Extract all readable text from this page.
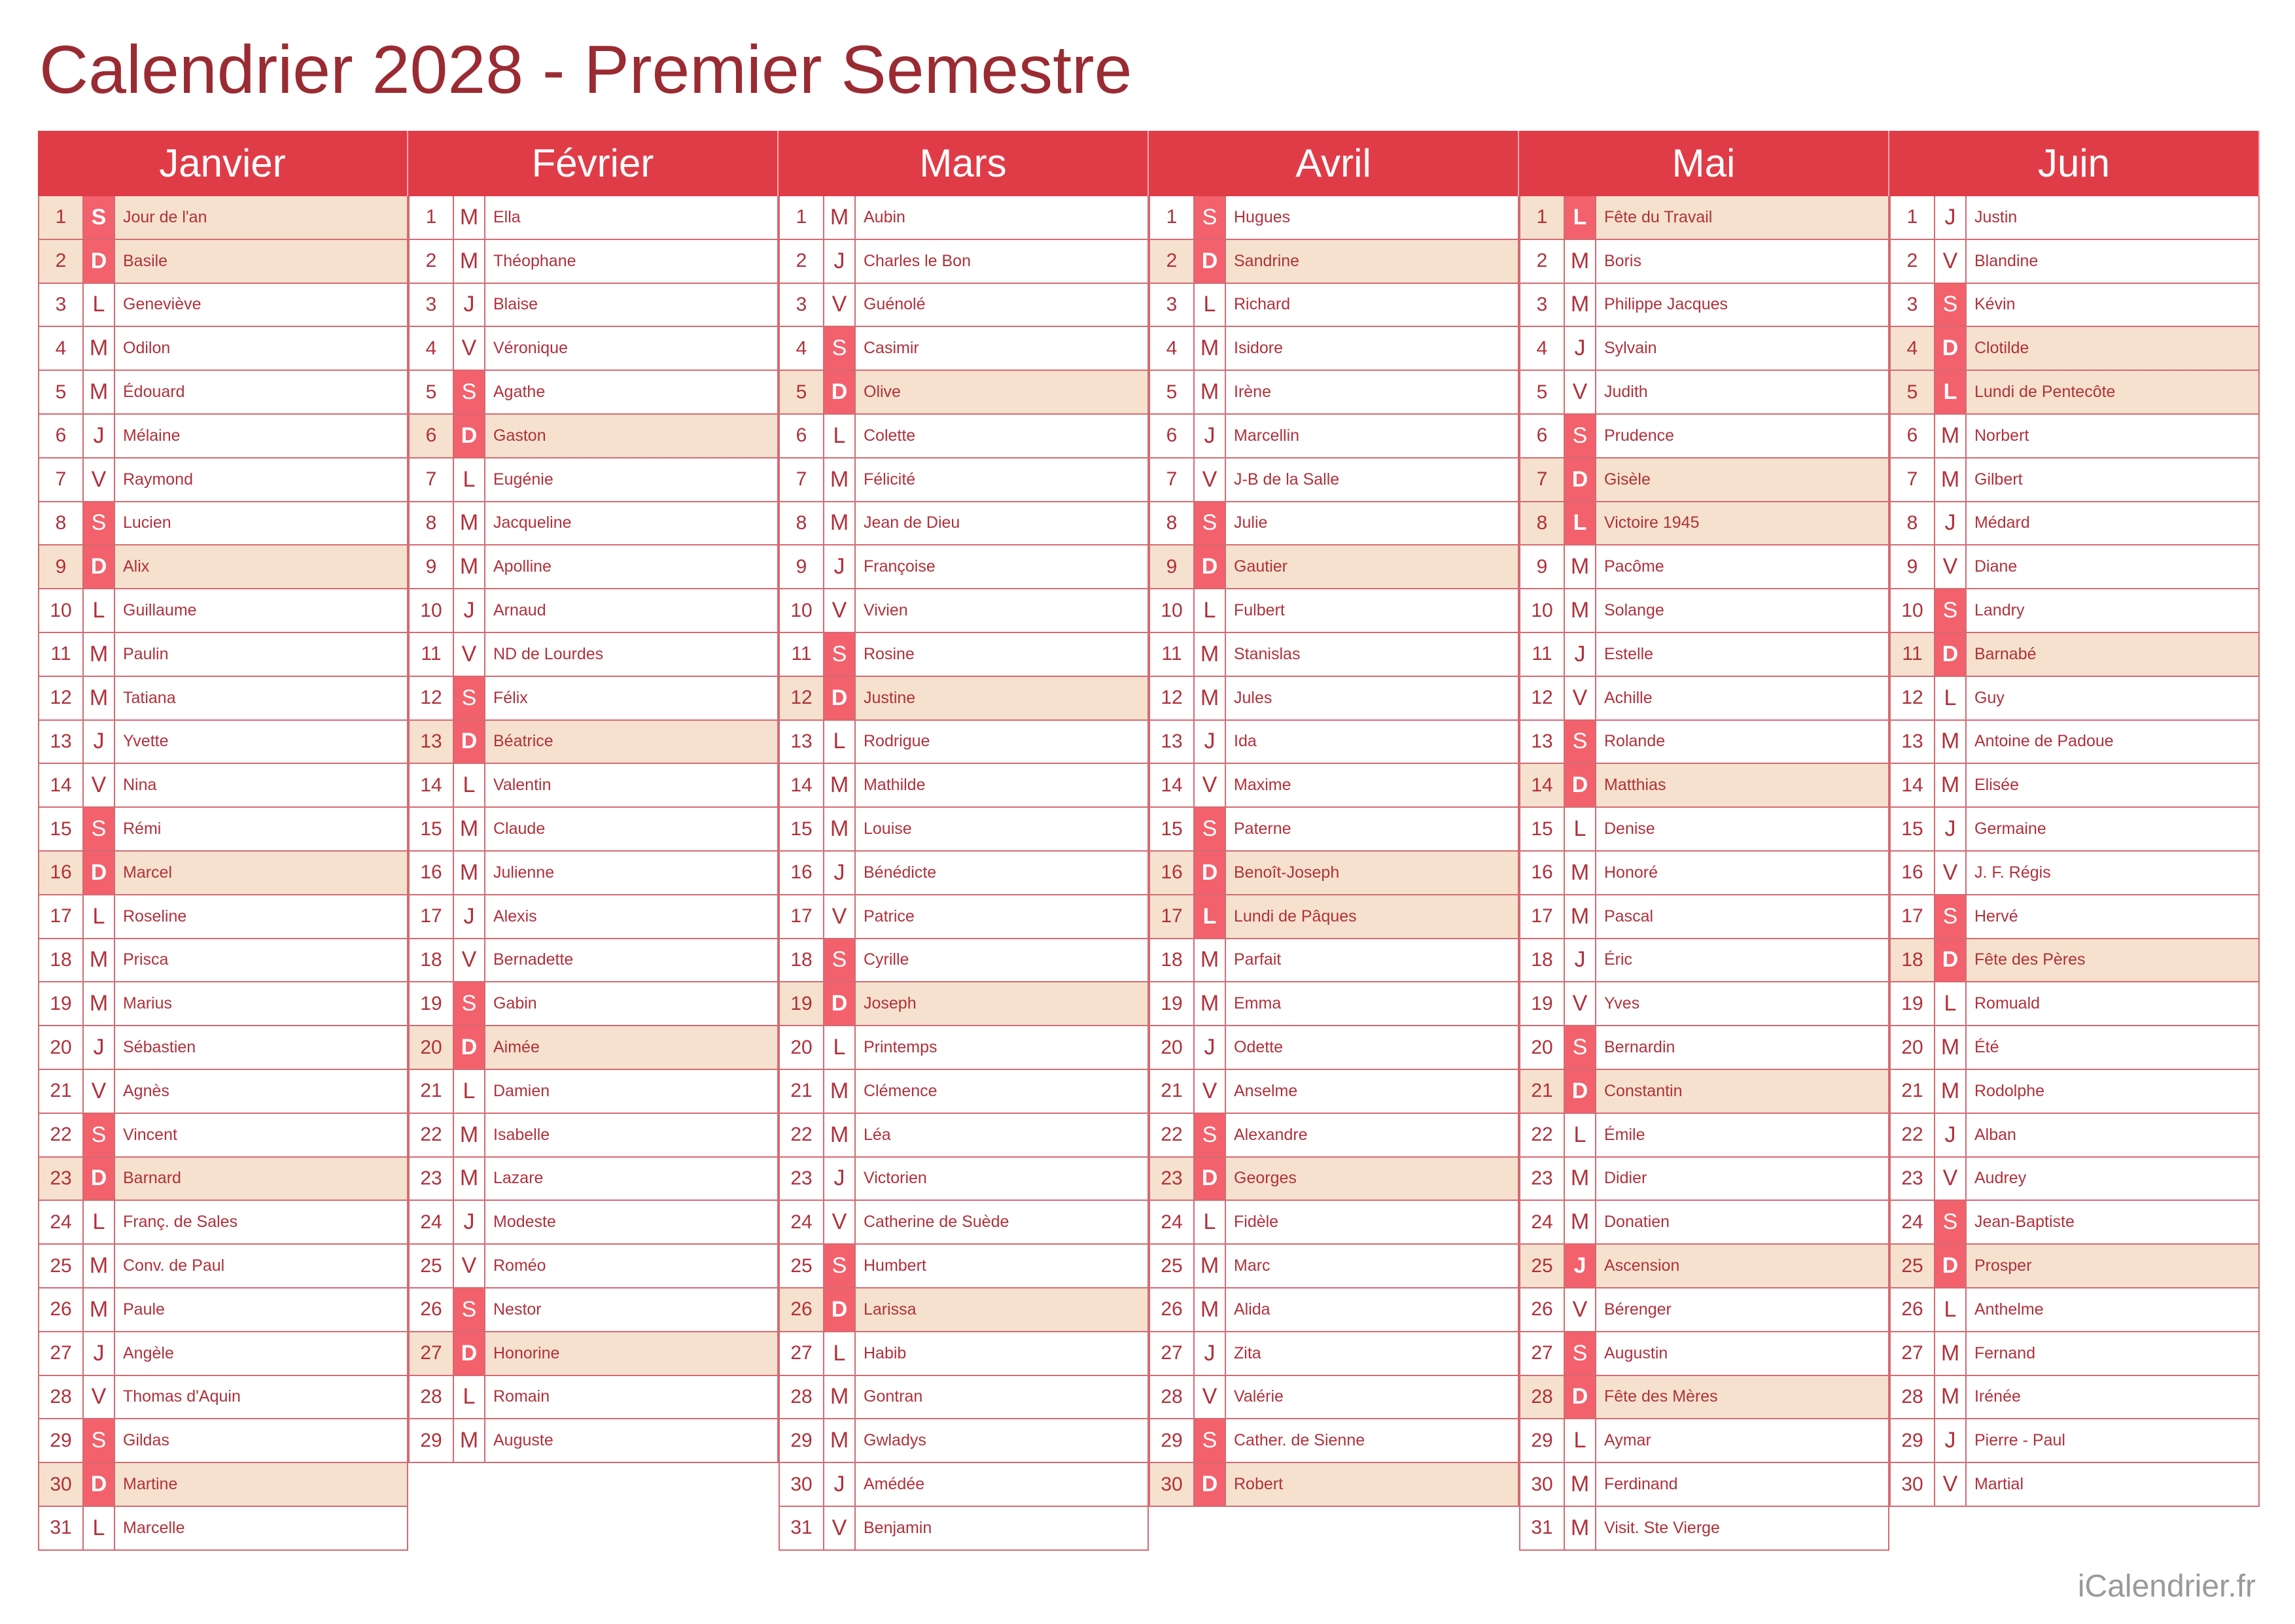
Calendrier 2028 - Premier Semestre
Janvier
1	S	Jour de l'an
2	D Basile
3	L	Geneviève
4	M Odilon
5	M Édouard
6	J	Mélaine
7	V	Raymond
8	S	Lucien
9	D Alix
10 L	Guillaume
11 M Paulin
12 M Tatiana
13 J	Yvette
14 V	Nina
15 S	Rémi
16 D Marcel
17 L	Roseline
18 M Prisca
19 M Marius
20 J	Sébastien
21 V	Agnès
22 S	Vincent
23 D Barnard
24 L	Franç. de Sales
25 M Conv. de Paul
26 M Paule
27 J	Angèle
28 V	Thomas d'Aquin
29 S	Gildas
30 D Martine
31 L	Marcelle
Février
1	M Ella
2	M Théophane
3	J	Blaise
4	V	Véronique
5	S	Agathe
6	D Gaston
7	L	Eugénie
8	M Jacqueline
9	M Apolline
10 J	Arnaud
11 V	ND de Lourdes
12 S	Félix
13 D Béatrice
14 L	Valentin
15 M Claude
16 M Julienne
17 J	Alexis
18 V	Bernadette
19 S	Gabin
20 D Aimée
21 L	Damien
22 M Isabelle
23 M Lazare
24 J	Modeste
25 V	Roméo
26 S	Nestor
27 D Honorine
28 L	Romain
29 M Auguste
Mars
1	M Aubin
2	J	Charles le Bon
3	V	Guénolé
4	S	Casimir
5	D Olive
6	L	Colette
7	M Félicité
8	M Jean de Dieu
9	J	Françoise
10 V	Vivien
11 S	Rosine
12 D Justine
13 L	Rodrigue
14 M Mathilde
15 M Louise
16 J	Bénédicte
17 V	Patrice
18 S	Cyrille
19 D Joseph
20 L	Printemps
21 M Clémence
22 M Léa
23 J	Victorien
24 V	Catherine de Suède
25 S	Humbert
26 D Larissa
27 L	Habib
28 M Gontran
29 M Gwladys
30 J	Amédée
31 V	Benjamin
Avril
1	S	Hugues
2	D Sandrine
3	L	Richard
4	M Isidore
5	M Irène
6	J	Marcellin
7	V	J-B de la Salle
8	S	Julie
9	D Gautier
10 L	Fulbert
11 M Stanislas
12 M Jules
13 J	Ida
14 V	Maxime
15 S	Paterne
16 D Benoît-Joseph
17 L	Lundi de Pâques
18 M Parfait
19 M Emma
20 J	Odette
21 V	Anselme
22 S	Alexandre
23 D Georges
24 L	Fidèle
25 M Marc
26 M Alida
27 J	Zita
28 V	Valérie
29 S	Cather. de Sienne
30 D Robert
Mai
1	L	Fête du Travail
2	M Boris
3	M Philippe Jacques
4	J	Sylvain
5	V	Judith
6	S	Prudence
7	D Gisèle
8	L	Victoire 1945
9	M Pacôme
10 M Solange
11 J	Estelle
12 V	Achille
13 S	Rolande
14 D Matthias
15 L	Denise
16 M Honoré
17 M Pascal
18 J	Éric
19 V	Yves
20 S	Bernardin
21 D Constantin
22 L	Émile
23 M Didier
24 M Donatien
25 J	Ascension
26 V	Bérenger
27 S	Augustin
28 D Fête des Mères
29 L	Aymar
30 M Ferdinand
31 M Visit. Ste Vierge
Juin
1	J	Justin
2	V	Blandine
3	S	Kévin
4	D Clotilde
5	L	Lundi de Pentecôte
6	M Norbert
7	M Gilbert
8	J	Médard
9	V	Diane
10 S	Landry
11 D Barnabé
12 L	Guy
13 M Antoine de Padoue
14 M Elisée
15 J	Germaine
16 V	J. F. Régis
17 S	Hervé
18 D Fête des Pères
19 L	Romuald
20 M Été
21 M Rodolphe
22 J	Alban
23 V	Audrey
24 S	Jean-Baptiste
25 D Prosper
26 L	Anthelme
27 M Fernand
28 M Irénée
29 J	Pierre - Paul
30 V	Martial
iCalendrier.fr
